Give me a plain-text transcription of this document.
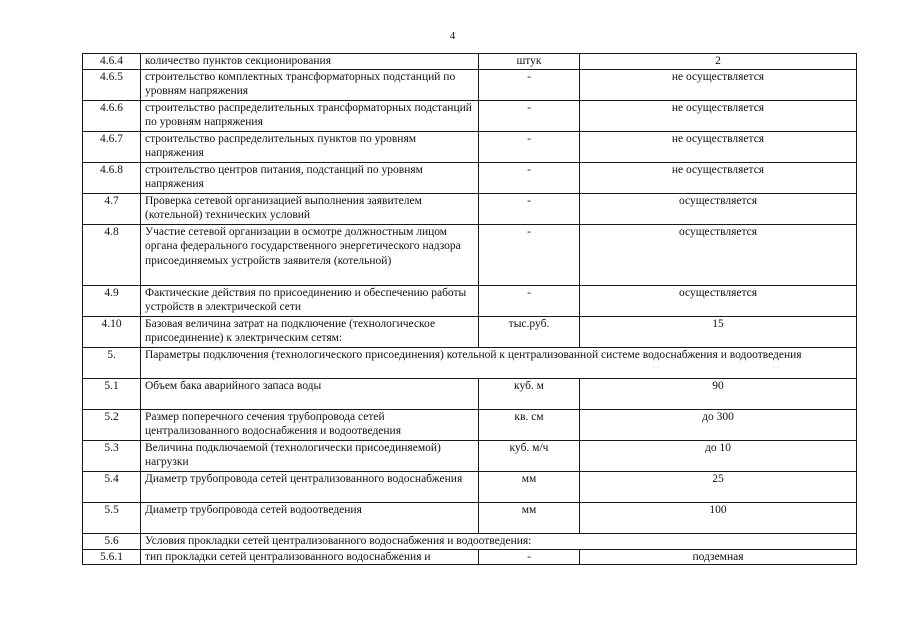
4
4.6.4	количество пунктов секционирования	штук	2
4.6.5	строительство комплектных трансформаторных подстанций по уровням напряжения	-	не осуществляется
4.6.6	строительство распределительных трансформаторных подстанций по уровням напряжения	-	не осуществляется
4.6.7	строительство распределительных пунктов по уровням напряжения	-	не осуществляется
4.6.8	строительство центров питания, подстанций по уровням напряжения	-	не осуществляется
4.7	Проверка сетевой организацией выполнения заявителем (котельной) технических условий	-	осуществляется
4.8	Участие сетевой организации в осмотре должностным лицом органа федерального государственного энергетического надзора присоединяемых устройств заявителя (котельной)	-	осуществляется
4.9	Фактические действия по присоединению и обеспечению работы устройств в электрической сети	-	осуществляется
4.10	Базовая величина затрат на подключение (технологическое присоединение) к электрическим сетям:	тыс.руб.	15
5.	Параметры подключения (технологического присоединения) котельной к централизованной системе водоснабжения и водоотведения		
5.1	Объем бака аварийного запаса воды	куб. м	90
5.2	Размер поперечного сечения трубопровода сетей централизованного водоснабжения и водоотведения	кв. см	до 300
5.3	Величина подключаемой (технологически присоединяемой) нагрузки	куб. м/ч	до 10
5.4	Диаметр трубопровода сетей централизованного водоснабжения	мм	25
5.5	Диаметр трубопровода сетей водоотведения	мм	100
5.6	Условия прокладки сетей централизованного водоснабжения и водоотведения:		
5.6.1	тип прокладки сетей централизованного водоснабжения и	-	подземная
